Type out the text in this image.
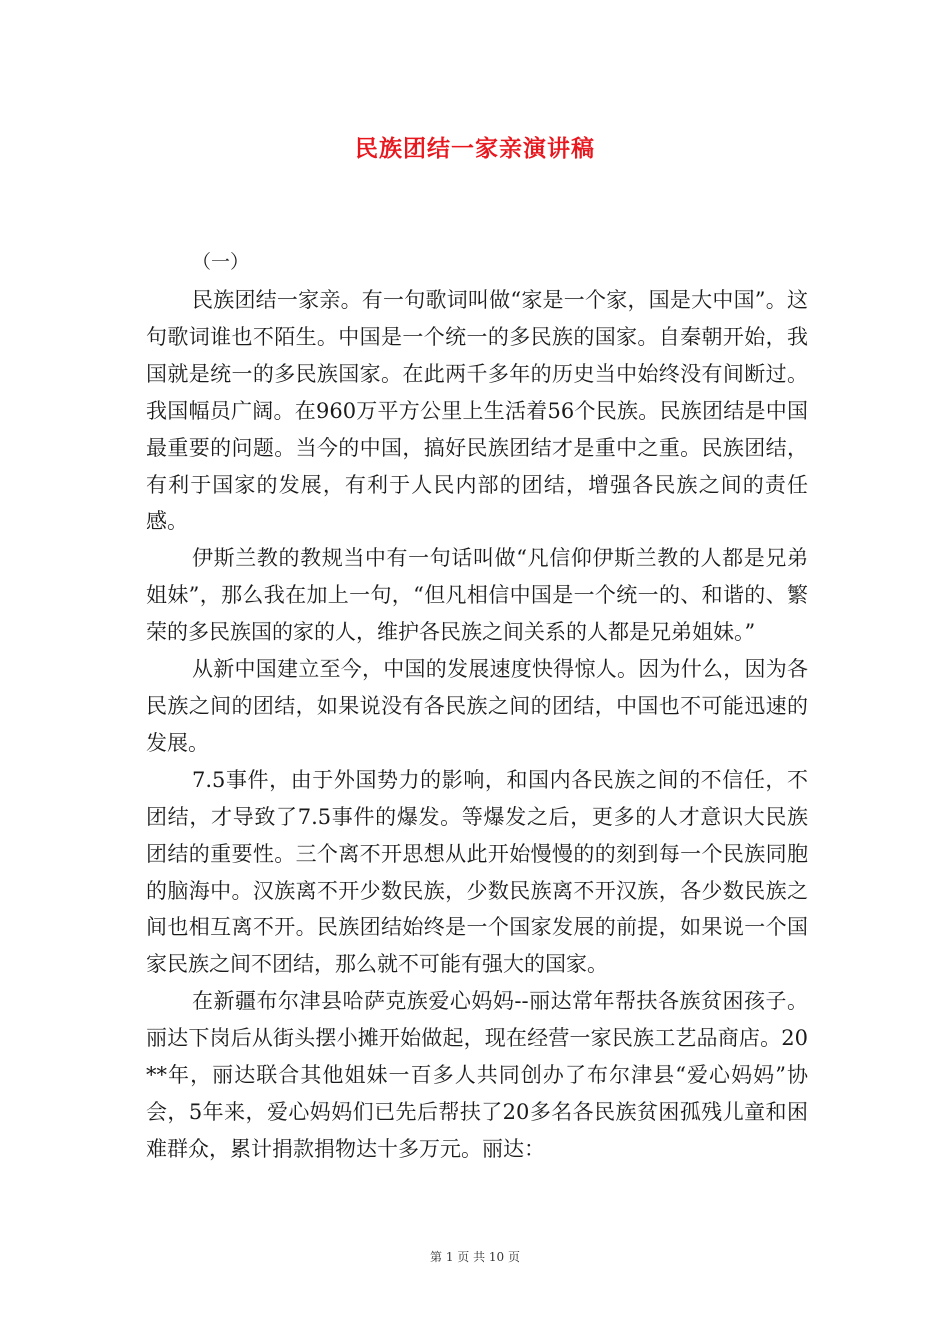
民族团结一家亲演讲稿
（一）

民族团结一家亲。有一句歌词叫做“家是一个家，国是大中国”。这句歌词谁也不陌生。中国是一个统一的多民族的国家。自秦朝开始，我国就是统一的多民族国家。在此两千多年的历史当中始终没有间断过。我国幅员广阔。在960万平方公里上生活着56个民族。民族团结是中国最重要的问题。当今的中国，搞好民族团结才是重中之重。民族团结，有利于国家的发展，有利于人民内部的团结，增强各民族之间的责任感。

伊斯兰教的教规当中有一句话叫做“凡信仰伊斯兰教的人都是兄弟姐妹”，那么我在加上一句，“但凡相信中国是一个统一的、和谐的、繁荣的多民族国的家的人，维护各民族之间关系的人都是兄弟姐妹。”

从新中国建立至今，中国的发展速度快得惊人。因为什么，因为各民族之间的团结，如果说没有各民族之间的团结，中国也不可能迅速的发展。

7.5事件，由于外国势力的影响，和国内各民族之间的不信任，不团结，才导致了7.5事件的爆发。等爆发之后，更多的人才意识大民族团结的重要性。三个离不开思想从此开始慢慢的的刻到每一个民族同胞的脑海中。汉族离不开少数民族，少数民族离不开汉族，各少数民族之间也相互离不开。民族团结始终是一个国家发展的前提，如果说一个国家民族之间不团结，那么就不可能有强大的国家。

在新疆布尔津县哈萨克族爱心妈妈--丽达常年帮扶各族贫困孩子。丽达下岗后从街头摆小摊开始做起，现在经营一家民族工艺品商店。20**年，丽达联合其他姐妹一百多人共同创办了布尔津县“爱心妈妈”协会，5年来，爱心妈妈们已先后帮扶了20多名各民族贫困孤残儿童和困难群众，累计捐款捐物达十多万元。丽达：

第 1 页 共 10 页
